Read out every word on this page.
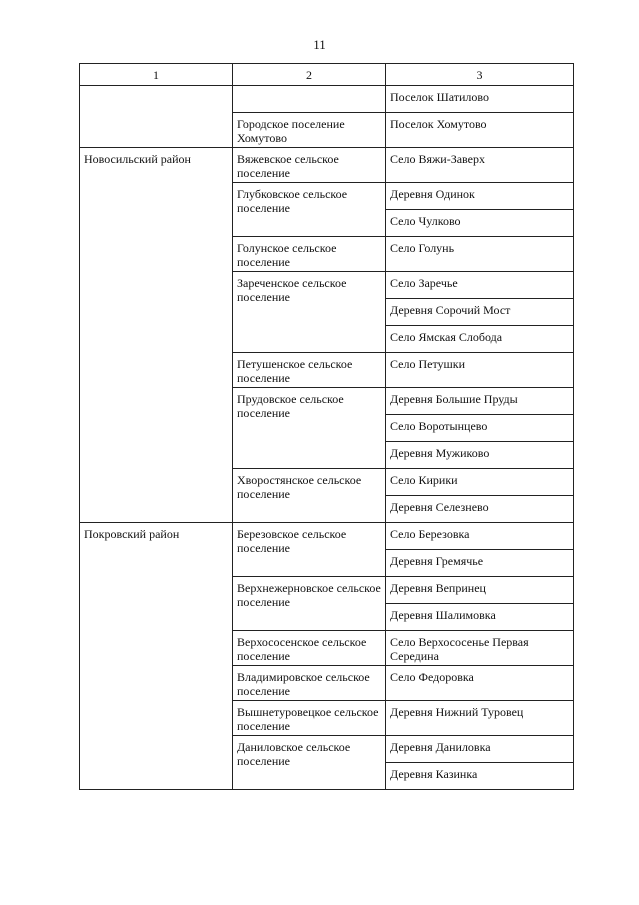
11
1	2	3
		Поселок Шатилово
	Городское поселение Хомутово	Поселок Хомутово
Новосильский район	Вяжевское сельское поселение	Село Вяжи-Заверх
	Глубковское сельское поселение	Деревня Одинок
		Село Чулково
	Голунское сельское поселение	Село Голунь
	Зареченское сельское поселение	Село Заречье
		Деревня Сорочий Мост
		Село Ямская Слобода
	Петушенское сельское поселение	Село Петушки
	Прудовское сельское поселение	Деревня Большие Пруды
		Село Воротынцево
		Деревня Мужиково
	Хворостянское сельское поселение	Село Кирики
		Деревня Селезнево
Покровский район	Березовское сельское поселение	Село Березовка
		Деревня Гремячье
	Верхнежерновское сельское поселение	Деревня Вепринец
		Деревня Шалимовка
	Верхососенское сельское поселение	Село Верхососенье Первая Середина
	Владимировское сельское поселение	Село Федоровка
	Вышнетуровецкое сельское поселение	Деревня Нижний Туровец
	Даниловское сельское поселение	Деревня Даниловка
		Деревня Казинка
